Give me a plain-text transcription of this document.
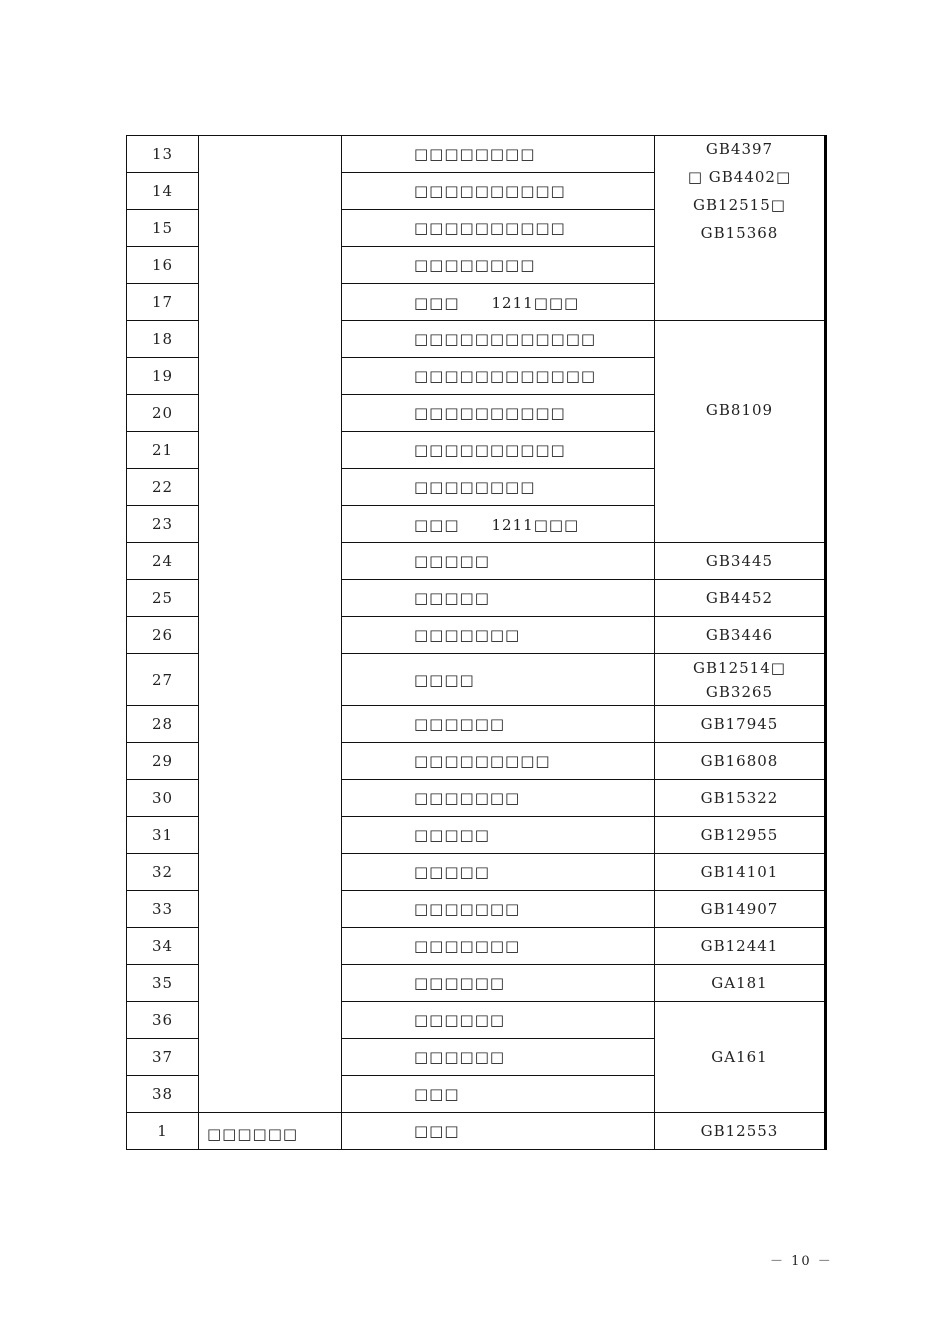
13		□□□□□□□□	GB4397
□ GB4402□
GB12515□
GB15368

14		□□□□□□□□□□	
15		□□□□□□□□□□	
16		□□□□□□□□	
17		□□□　　1211□□□	
18		□□□□□□□□□□□□	GB8109
19		□□□□□□□□□□□□	
20		□□□□□□□□□□	
21		□□□□□□□□□□	
22		□□□□□□□□	
23		□□□　　1211□□□	
24		□□□□□	GB3445
25		□□□□□	GB4452
26		□□□□□□□	GB3446
27		□□□□	GB12514□
GB3265

28		□□□□□□	GB17945
29		□□□□□□□□□	GB16808
30		□□□□□□□	GB15322
31		□□□□□	GB12955
32		□□□□□	GB14101
33		□□□□□□□	GB14907
34		□□□□□□□	GB12441
35		□□□□□□	GA181
36		□□□□□□	GA161
37		□□□□□□	
38		□□□	
1	□□□□□□	□□□	GB12553
－ 10 －
